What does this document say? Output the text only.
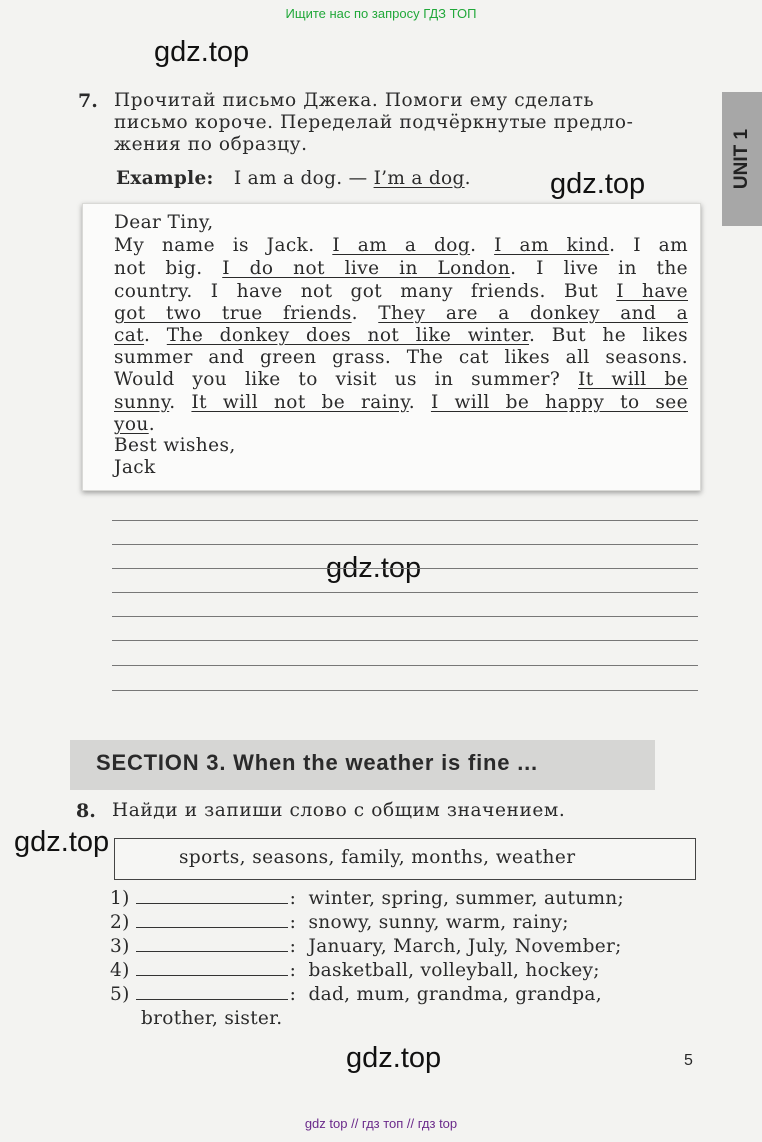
Ищите нас по запросу ГДЗ ТОП
gdz.top
gdz.top
gdz.top
gdz.top
gdz.top
UNIT 1
7. Прочитай письмо Джека. Помоги ему сделать
письмо короче. Переделай подчёркнутые предло-
жения по образцу.
Example: I am a dog. — I’m a dog.
Dear Tiny,
My name is Jack. I am a dog. I am kind. I am
not big. I do not live in London. I live in the
country. I have not got many friends. But I have
got two true friends. They are a donkey and a
cat. The donkey does not like winter. But he likes
summer and green grass. The cat likes all seasons.
Would you like to visit us in summer? It will be
sunny. It will not be rainy. I will be happy to see
you.
Best wishes,
Jack
SECTION 3. When the weather is fine ...
8. Найди и запиши слово с общим значением.
sports, seasons, family, months, weather
1)	:  winter, spring, summer, autumn;
2)	:  snowy, sunny, warm, rainy;
3)	:  January, March, July, November;
4)	:  basketball, volleyball, hockey;
5)	:  dad, mum, grandma, grandpa,
brother, sister.
5
gdz top // гдз топ // гдз top
